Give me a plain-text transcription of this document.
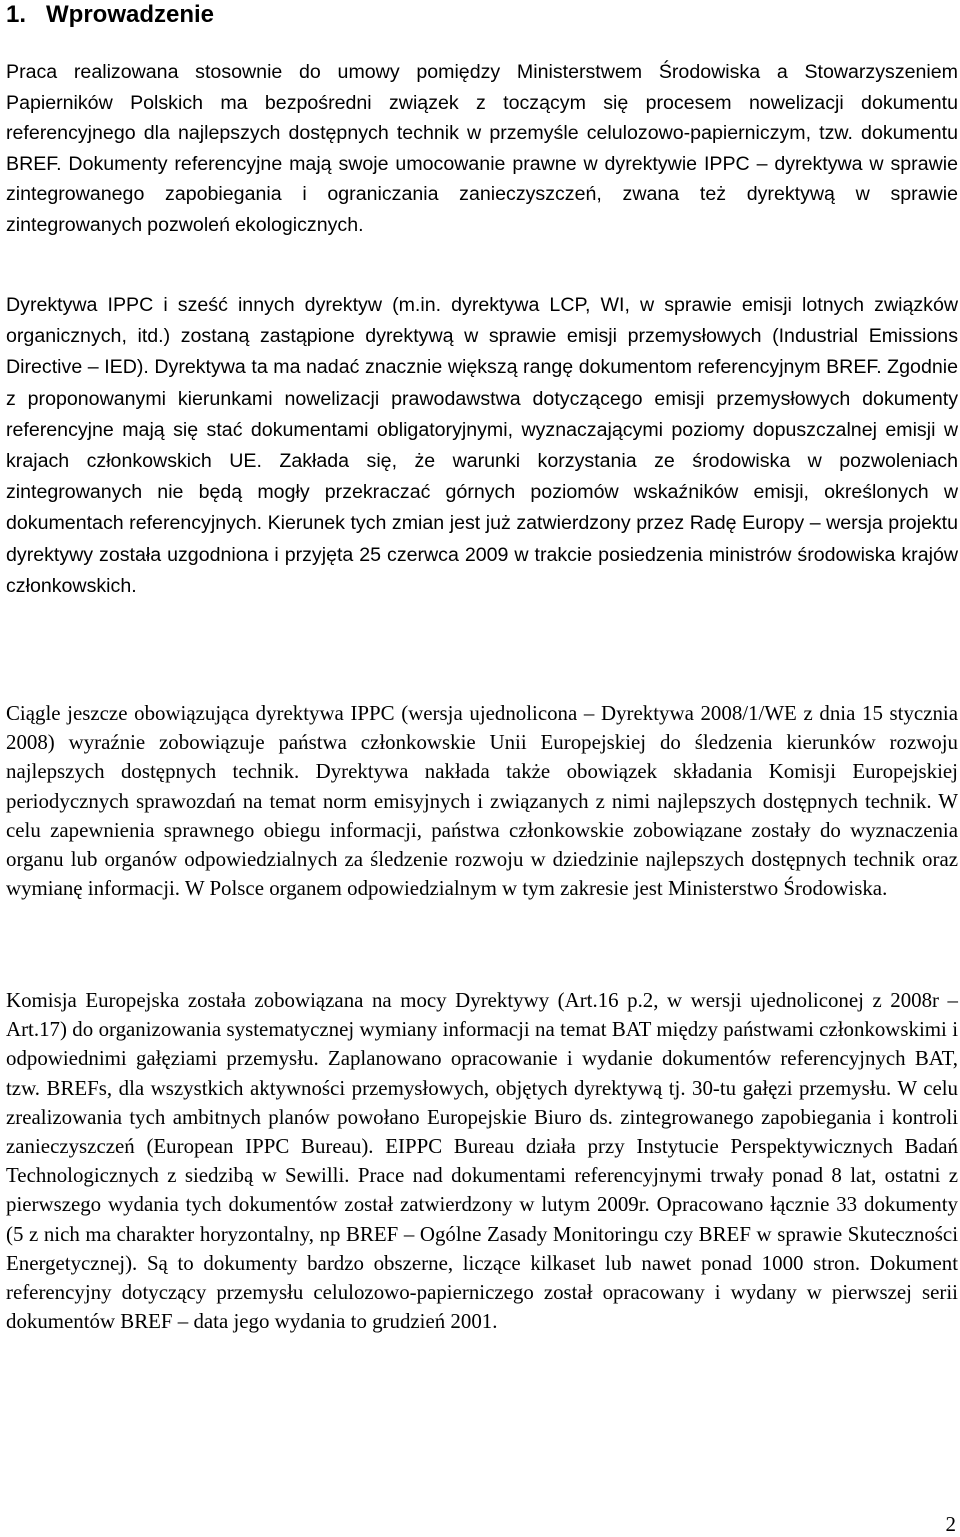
1. Wprowadzenie

Praca realizowana stosownie do umowy pomiędzy Ministerstwem Środowiska a Stowarzyszeniem Papierników Polskich ma bezpośredni związek z toczącym się procesem nowelizacji dokumentu referencyjnego dla najlepszych dostępnych technik w przemyśle celulozowo-papierniczym, tzw. dokumentu BREF. Dokumenty referencyjne mają swoje umocowanie prawne w dyrektywie IPPC – dyrektywa w sprawie zintegrowanego zapobiegania i ograniczania zanieczyszczeń, zwana też dyrektywą w sprawie zintegrowanych pozwoleń ekologicznych.

Dyrektywa IPPC i sześć innych dyrektyw (m.in. dyrektywa LCP, WI, w sprawie emisji lotnych związków organicznych, itd.) zostaną zastąpione dyrektywą w sprawie emisji przemysłowych (Industrial Emissions Directive – IED). Dyrektywa ta ma nadać znacznie większą rangę dokumentom referencyjnym BREF. Zgodnie z proponowanymi kierunkami nowelizacji prawodawstwa dotyczącego emisji przemysłowych dokumenty referencyjne mają się stać dokumentami obligatoryjnymi, wyznaczającymi poziomy dopuszczalnej emisji w krajach członkowskich UE. Zakłada się, że warunki korzystania ze środowiska w pozwoleniach zintegrowanych nie będą mogły przekraczać górnych poziomów wskaźników emisji, określonych w dokumentach referencyjnych. Kierunek tych zmian jest już zatwierdzony przez Radę Europy – wersja projektu dyrektywy została uzgodniona i przyjęta 25 czerwca 2009 w trakcie posiedzenia ministrów środowiska krajów członkowskich.

Ciągle jeszcze obowiązująca dyrektywa IPPC (wersja ujednolicona – Dyrektywa 2008/1/WE z dnia 15 stycznia 2008) wyraźnie zobowiązuje państwa członkowskie Unii Europejskiej do śledzenia kierunków rozwoju najlepszych dostępnych technik. Dyrektywa nakłada także obowiązek składania Komisji Europejskiej periodycznych sprawozdań na temat norm emisyjnych i związanych z nimi najlepszych dostępnych technik. W celu zapewnienia sprawnego obiegu informacji, państwa członkowskie zobowiązane zostały do wyznaczenia organu lub organów odpowiedzialnych za śledzenie rozwoju w dziedzinie najlepszych dostępnych technik oraz wymianę informacji. W Polsce organem odpowiedzialnym w tym zakresie jest Ministerstwo Środowiska.

Komisja Europejska została zobowiązana na mocy Dyrektywy (Art.16 p.2, w wersji ujednoliconej z 2008r – Art.17) do organizowania systematycznej wymiany informacji na temat BAT między państwami członkowskimi i odpowiednimi gałęziami przemysłu. Zaplanowano opracowanie i wydanie dokumentów referencyjnych BAT, tzw. BREFs, dla wszystkich aktywności przemysłowych, objętych dyrektywą tj. 30-tu gałęzi przemysłu. W celu zrealizowania tych ambitnych planów powołano Europejskie Biuro ds. zintegrowanego zapobiegania i kontroli zanieczyszczeń (European IPPC Bureau). EIPPC Bureau działa przy Instytucie Perspektywicznych Badań Technologicznych z siedzibą w Sewilli. Prace nad dokumentami referencyjnymi trwały ponad 8 lat, ostatni z pierwszego wydania tych dokumentów został zatwierdzony w lutym 2009r. Opracowano łącznie 33 dokumenty (5 z nich ma charakter horyzontalny, np BREF – Ogólne Zasady Monitoringu czy BREF w sprawie Skuteczności Energetycznej). Są to dokumenty bardzo obszerne, liczące kilkaset lub nawet ponad 1000 stron. Dokument referencyjny dotyczący przemysłu celulozowo-papierniczego został opracowany i wydany w pierwszej serii dokumentów BREF – data jego wydania to grudzień 2001.

2
